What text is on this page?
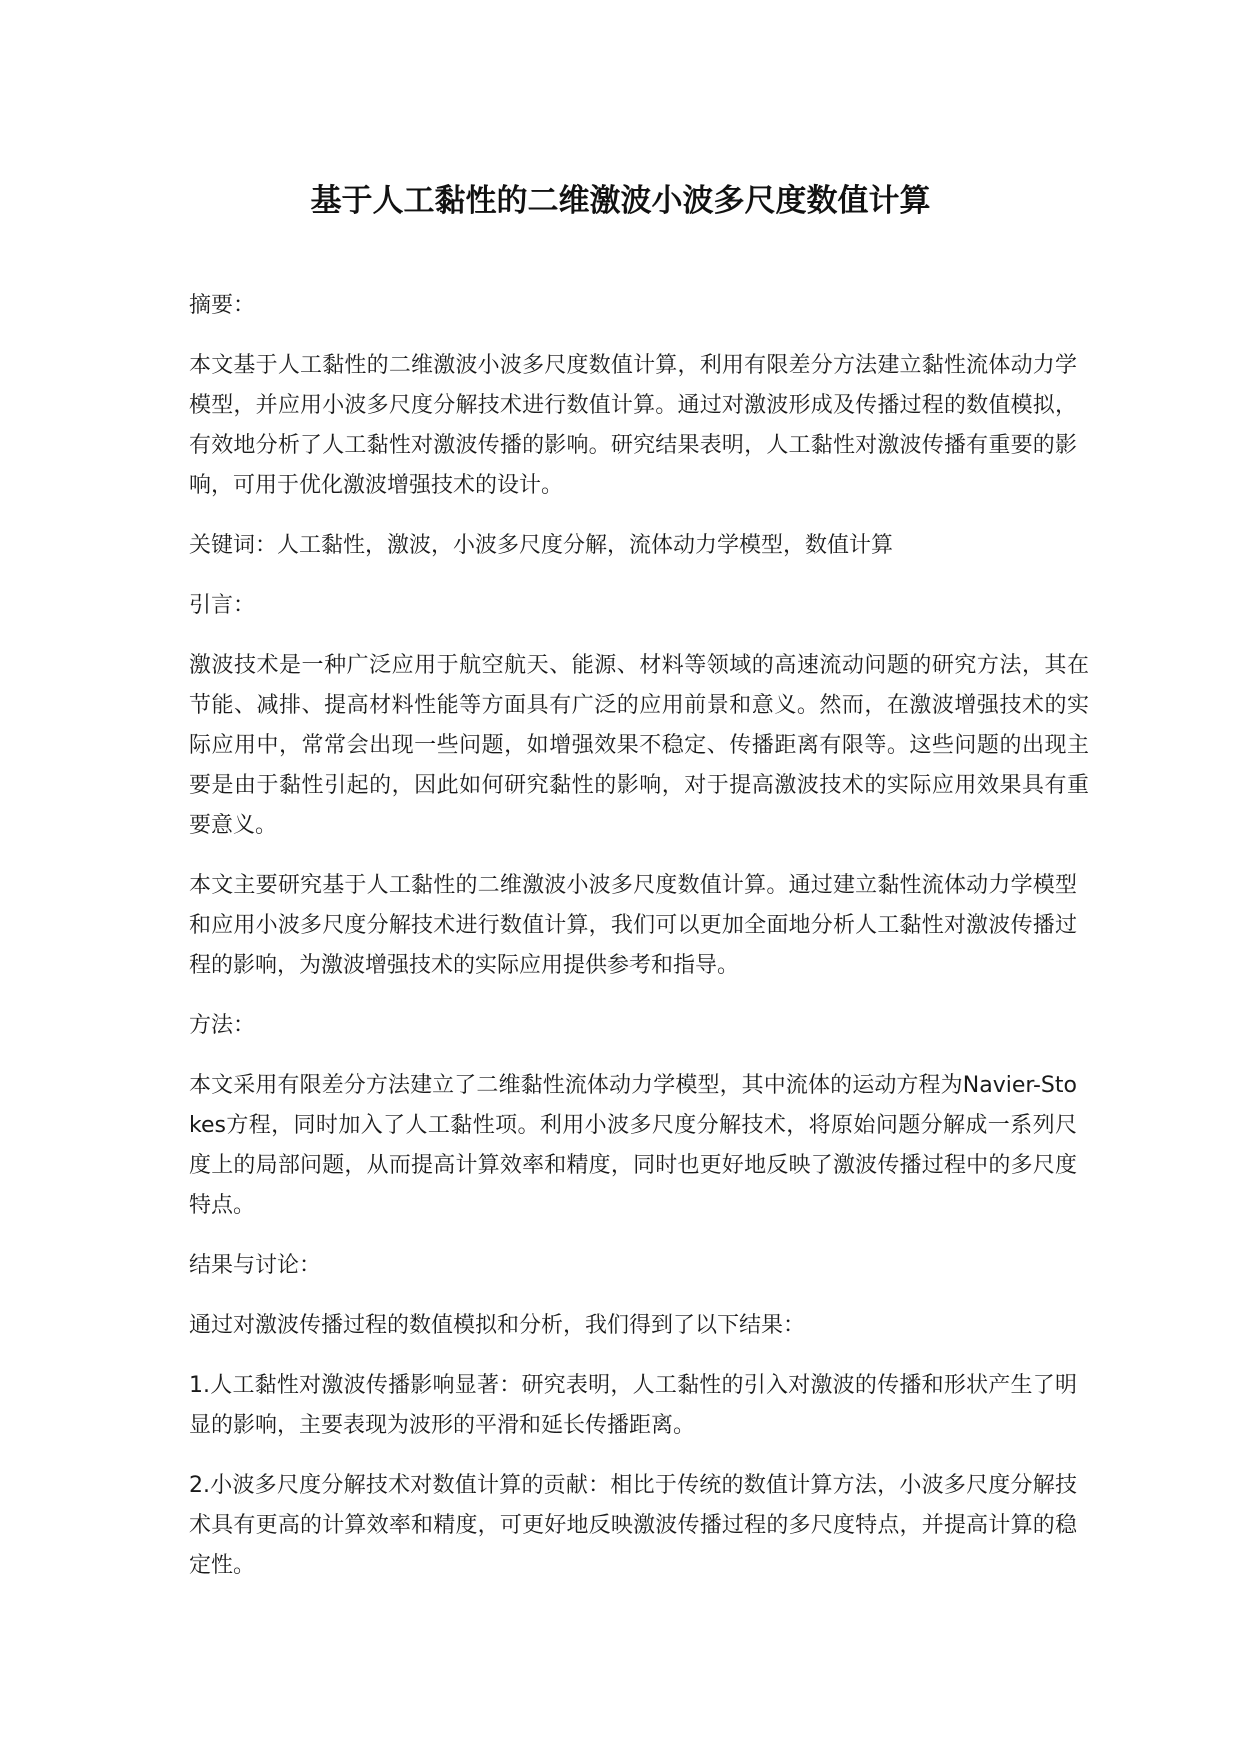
基于人工黏性的二维激波小波多尺度数值计算

摘要：

本文基于人工黏性的二维激波小波多尺度数值计算，利用有限差分方法建立黏性流体动力学模型，并应用小波多尺度分解技术进行数值计算。通过对激波形成及传播过程的数值模拟，有效地分析了人工黏性对激波传播的影响。研究结果表明，人工黏性对激波传播有重要的影响，可用于优化激波增强技术的设计。

关键词：人工黏性，激波，小波多尺度分解，流体动力学模型，数值计算

引言：

激波技术是一种广泛应用于航空航天、能源、材料等领域的高速流动问题的研究方法，其在节能、减排、提高材料性能等方面具有广泛的应用前景和意义。然而，在激波增强技术的实际应用中，常常会出现一些问题，如增强效果不稳定、传播距离有限等。这些问题的出现主要是由于黏性引起的，因此如何研究黏性的影响，对于提高激波技术的实际应用效果具有重要意义。

本文主要研究基于人工黏性的二维激波小波多尺度数值计算。通过建立黏性流体动力学模型和应用小波多尺度分解技术进行数值计算，我们可以更加全面地分析人工黏性对激波传播过程的影响，为激波增强技术的实际应用提供参考和指导。

方法：

本文采用有限差分方法建立了二维黏性流体动力学模型，其中流体的运动方程为Navier-Stokes方程，同时加入了人工黏性项。利用小波多尺度分解技术，将原始问题分解成一系列尺度上的局部问题，从而提高计算效率和精度，同时也更好地反映了激波传播过程中的多尺度特点。

结果与讨论：

通过对激波传播过程的数值模拟和分析，我们得到了以下结果：

1.人工黏性对激波传播影响显著：研究表明，人工黏性的引入对激波的传播和形状产生了明显的影响，主要表现为波形的平滑和延长传播距离。

2.小波多尺度分解技术对数值计算的贡献：相比于传统的数值计算方法，小波多尺度分解技术具有更高的计算效率和精度，可更好地反映激波传播过程的多尺度特点，并提高计算的稳定性。
